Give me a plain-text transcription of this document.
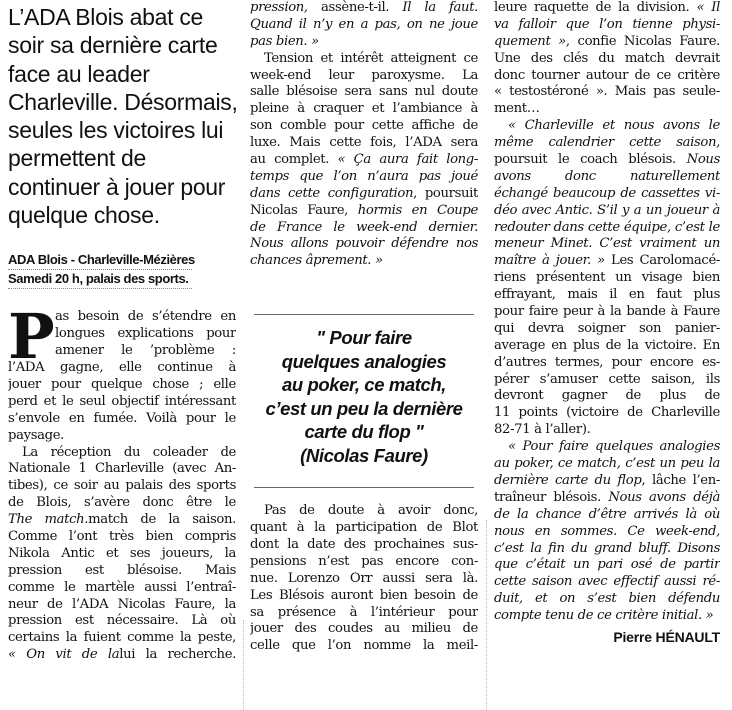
L’ADA Blois abat ce
soir sa dernière carte
face au leader
Charleville. Désormais,
seules les victoires lui
permettent de
continuer à jouer pour
quelque chose.
ADA Blois - Charleville-Mézières
Samedi 20 h, palais des sports.
P as besoin de s’étendre en
longues explications pour
amener le ’problème :
l’ADA gagne, elle continue à
jouer pour quelque chose ; elle
perd et le seul objectif intéressant
s’envole en fumée. Voilà pour le
paysage.
La réception du coleader de
Nationale 1 Charleville (avec An-
tibes), ce soir au palais des sports
de Blois, s’avère donc être le
The match.match de la saison.
Comme l’ont très bien compris
Nikola Antic et ses joueurs, la
pression est blésoise. Mais
comme le martèle aussi l’entraî-
neur de l’ADA Nicolas Faure, la
pression est nécessaire. Là où
certains la fuient comme la peste,
« On vit de lalui la recherche.
pression, assène-t-il. Il la faut.
Quand il n’y en a pas, on ne joue
pas bien. »
Tension et intérêt atteignent ce
week-end leur paroxysme. La
salle blésoise sera sans nul doute
pleine à craquer et l’ambiance à
son comble pour cette affiche de
luxe. Mais cette fois, l’ADA sera
au complet. « Ça aura fait long-
temps que l’on n’aura pas joué
dans cette configuration, poursuit
Nicolas Faure, hormis en Coupe
de France le week-end dernier.
Nous allons pouvoir défendre nos
chances âprement. »
" Pour faire
quelques analogies
au poker, ce match,
c’est un peu la dernière
carte du flop "
(Nicolas Faure)
Pas de doute à avoir donc,
quant à la participation de Blot
dont la date des prochaines sus-
pensions n’est pas encore con-
nue. Lorenzo Orr aussi sera là.
Les Blésois auront bien besoin de
sa présence à l’intérieur pour
jouer des coudes au milieu de
celle que l’on nomme la meil-
leure raquette de la division. « Il
va falloir que l’on tienne physi-
quement », confie Nicolas Faure.
Une des clés du match devrait
donc tourner autour de ce critère
« testostéroné ». Mais pas seule-
ment…
« Charleville et nous avons le
même calendrier cette saison,
poursuit le coach blésois. Nous
avons donc naturellement
échangé beaucoup de cassettes vi-
déo avec Antic. S’il y a un joueur à
redouter dans cette équipe, c’est le
meneur Minet. C’est vraiment un
maître à jouer. » Les Carolomacé-
riens présentent un visage bien
effrayant, mais il en faut plus
pour faire peur à la bande à Faure
qui devra soigner son panier-
average en plus de la victoire. En
d’autres termes, pour encore es-
pérer s’amuser cette saison, ils
devront gagner de plus de
11 points (victoire de Charleville
82-71 à l’aller).
« Pour faire quelques analogies
au poker, ce match, c’est un peu la
dernière carte du flop, lâche l’en-
traîneur blésois. Nous avons déjà
de la chance d’être arrivés là où
nous en sommes. Ce week-end,
c’est la fin du grand bluff. Disons
que c’était un pari osé de partir
cette saison avec effectif aussi ré-
duit, et on s’est bien défendu
compte tenu de ce critère initial. »
Pierre HÉNAULT
